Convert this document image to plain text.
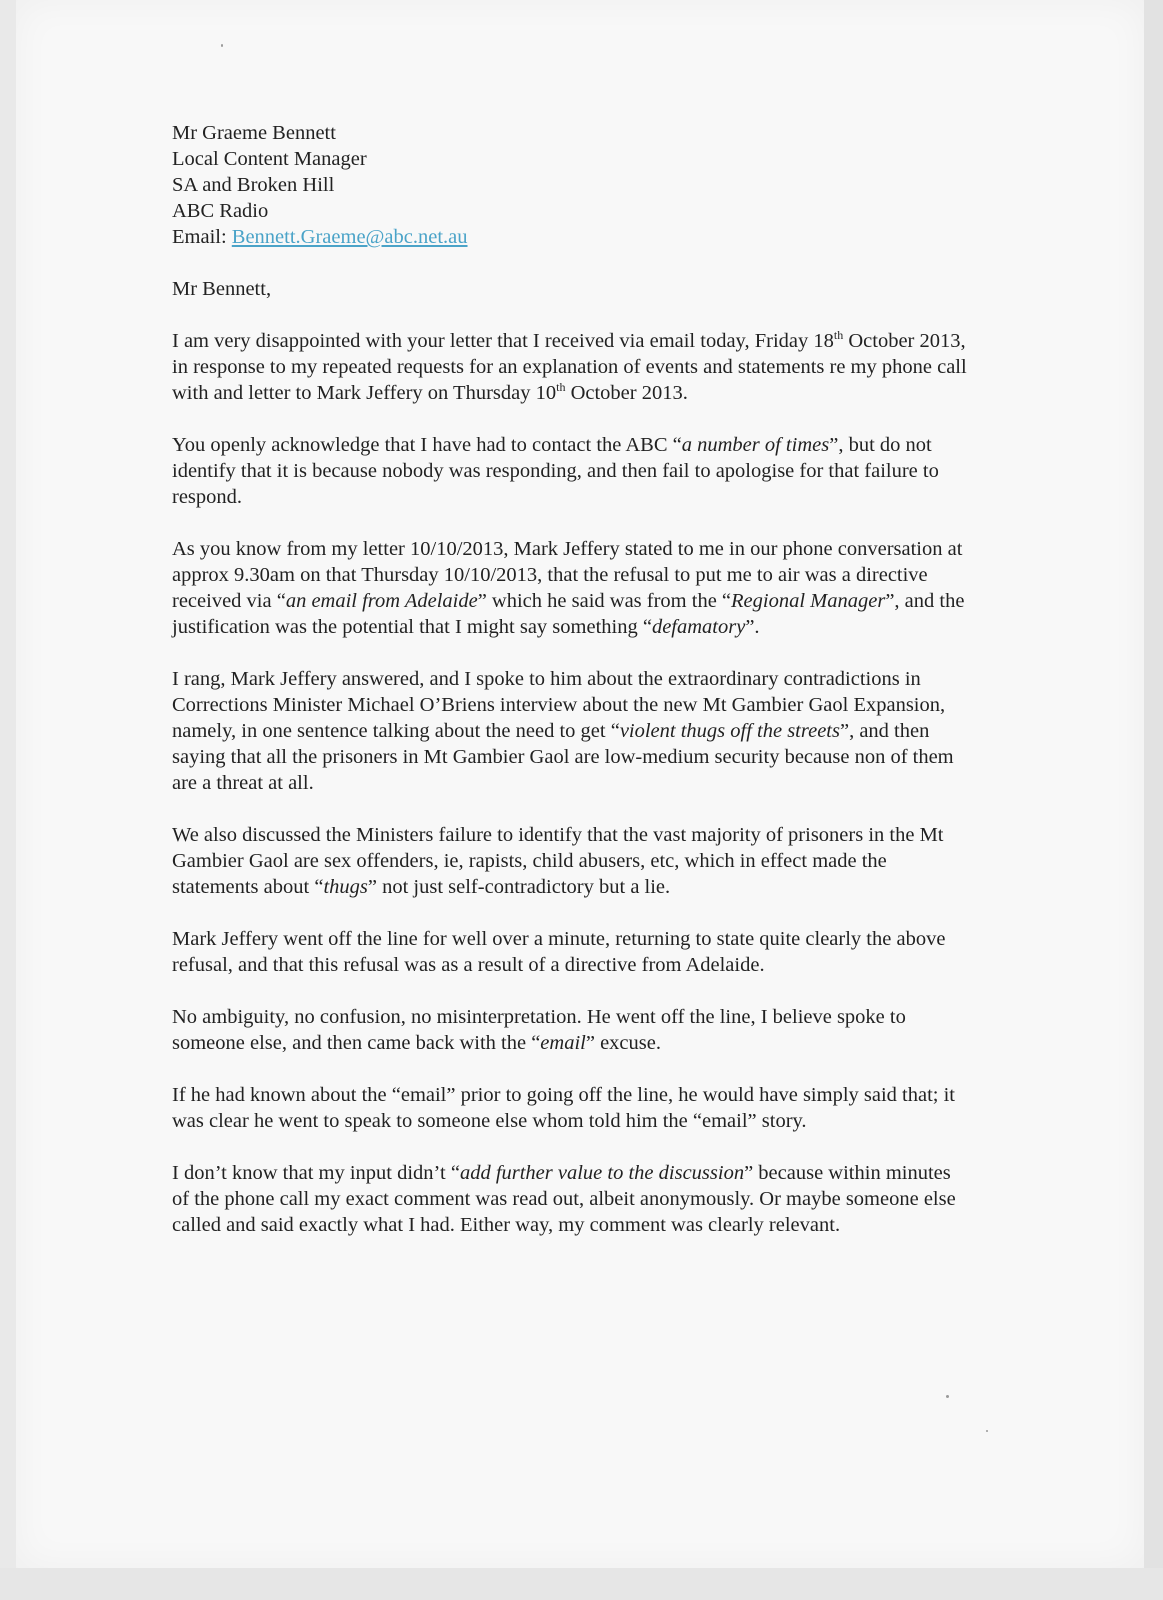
Mr Graeme Bennett
Local Content Manager
SA and Broken Hill
ABC Radio
Email: Bennett.Graeme@abc.net.au

Mr Bennett,

I am very disappointed with your letter that I received via email today, Friday 18th October 2013, in response to my repeated requests for an explanation of events and statements re my phone call with and letter to Mark Jeffery on Thursday 10th October 2013.

You openly acknowledge that I have had to contact the ABC “a number of times”, but do not identify that it is because nobody was responding, and then fail to apologise for that failure to respond.

As you know from my letter 10/10/2013, Mark Jeffery stated to me in our phone conversation at approx 9.30am on that Thursday 10/10/2013, that the refusal to put me to air was a directive received via “an email from Adelaide” which he said was from the “Regional Manager”, and the justification was the potential that I might say something “defamatory”.

I rang, Mark Jeffery answered, and I spoke to him about the extraordinary contradictions in Corrections Minister Michael O’Briens interview about the new Mt Gambier Gaol Expansion, namely, in one sentence talking about the need to get “violent thugs off the streets”, and then saying that all the prisoners in Mt Gambier Gaol are low-medium security because non of them are a threat at all.

We also discussed the Ministers failure to identify that the vast majority of prisoners in the Mt Gambier Gaol are sex offenders, ie, rapists, child abusers, etc, which in effect made the statements about “thugs” not just self-contradictory but a lie.

Mark Jeffery went off the line for well over a minute, returning to state quite clearly the above refusal, and that this refusal was as a result of a directive from Adelaide.

No ambiguity, no confusion, no misinterpretation. He went off the line, I believe spoke to someone else, and then came back with the “email” excuse.

If he had known about the “email” prior to going off the line, he would have simply said that; it was clear he went to speak to someone else whom told him the “email” story.

I don’t know that my input didn’t “add further value to the discussion” because within minutes of the phone call my exact comment was read out, albeit anonymously. Or maybe someone else called and said exactly what I had. Either way, my comment was clearly relevant.
